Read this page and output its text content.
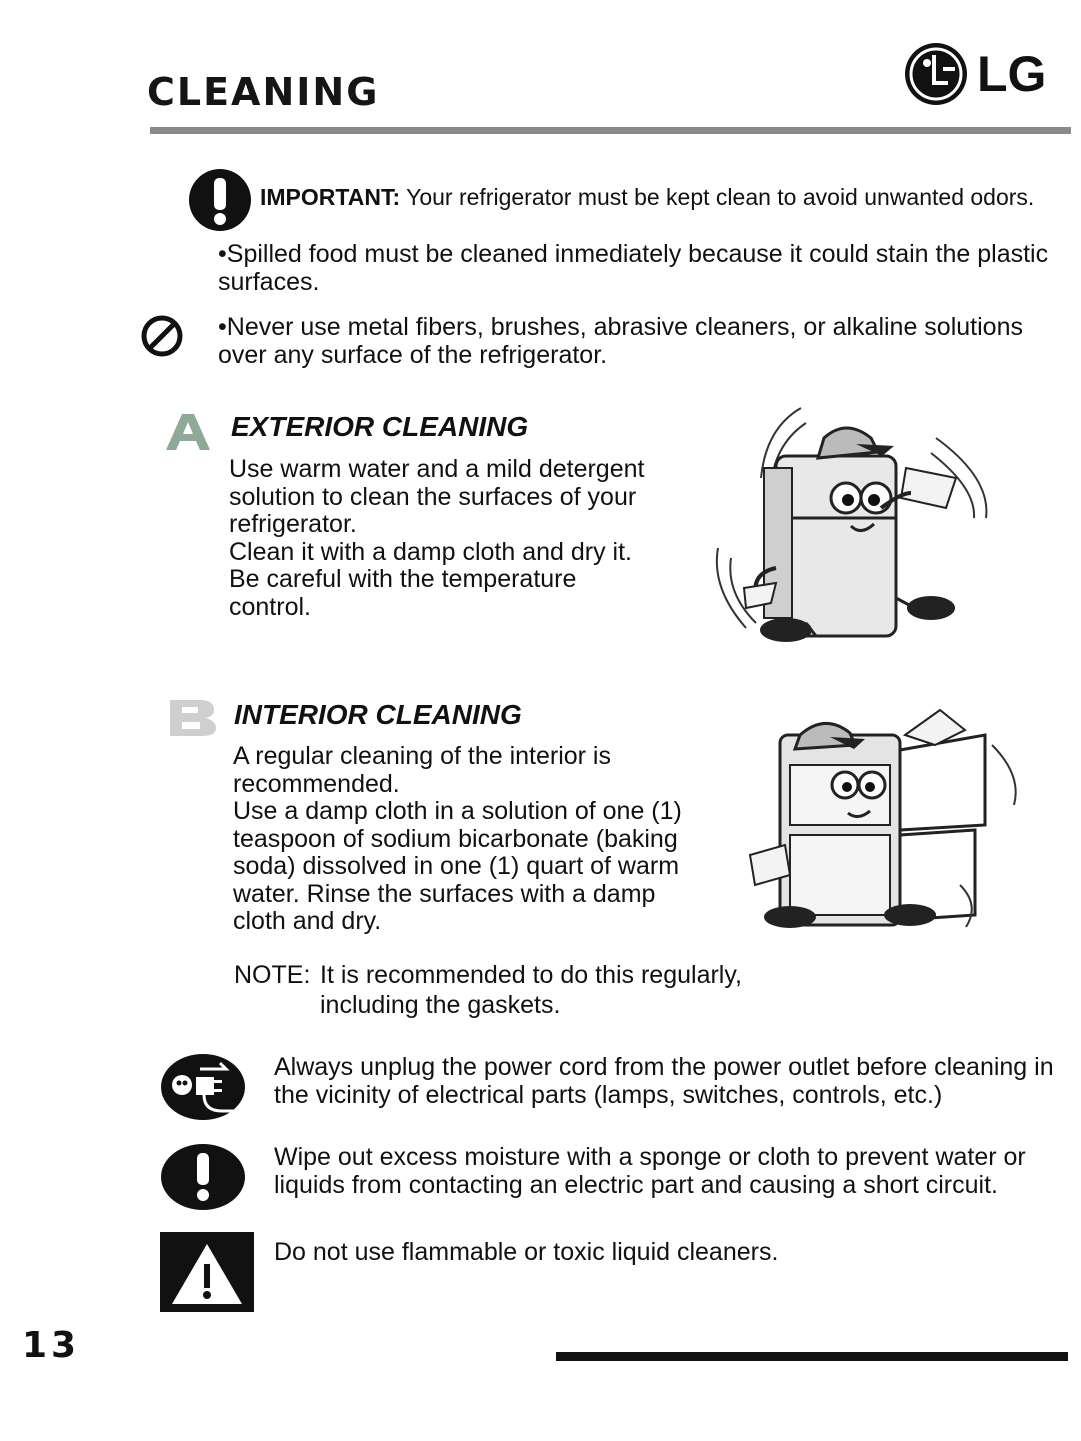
CLEANING	LG
IMPORTANT: Your refrigerator must be kept clean to avoid unwanted odors.
•Spilled food must be cleaned inmediately because it could stain the plastic surfaces.
•Never use metal fibers, brushes, abrasive cleaners, or alkaline solutions over any surface of the refrigerator.
EXTERIOR CLEANING
Use warm water and a mild detergent
solution to clean the surfaces of your
refrigerator.
Clean it with a damp cloth and dry it.
Be careful with the temperature
control.
INTERIOR CLEANING
A regular cleaning of the interior is
recommended.
Use a damp cloth in a solution of one (1)
teaspoon of sodium bicarbonate (baking
soda) dissolved in one (1) quart of warm
water. Rinse the surfaces with a damp
cloth and dry.
NOTE: It is recommended to do this regularly,
including the gaskets.
Always unplug the power cord from the power outlet before cleaning in the vicinity of electrical parts (lamps, switches, controls, etc.)
Wipe out excess moisture with a sponge or cloth to prevent water or liquids from contacting an electric part and causing a short circuit.
Do not use flammable or toxic liquid cleaners.
13
